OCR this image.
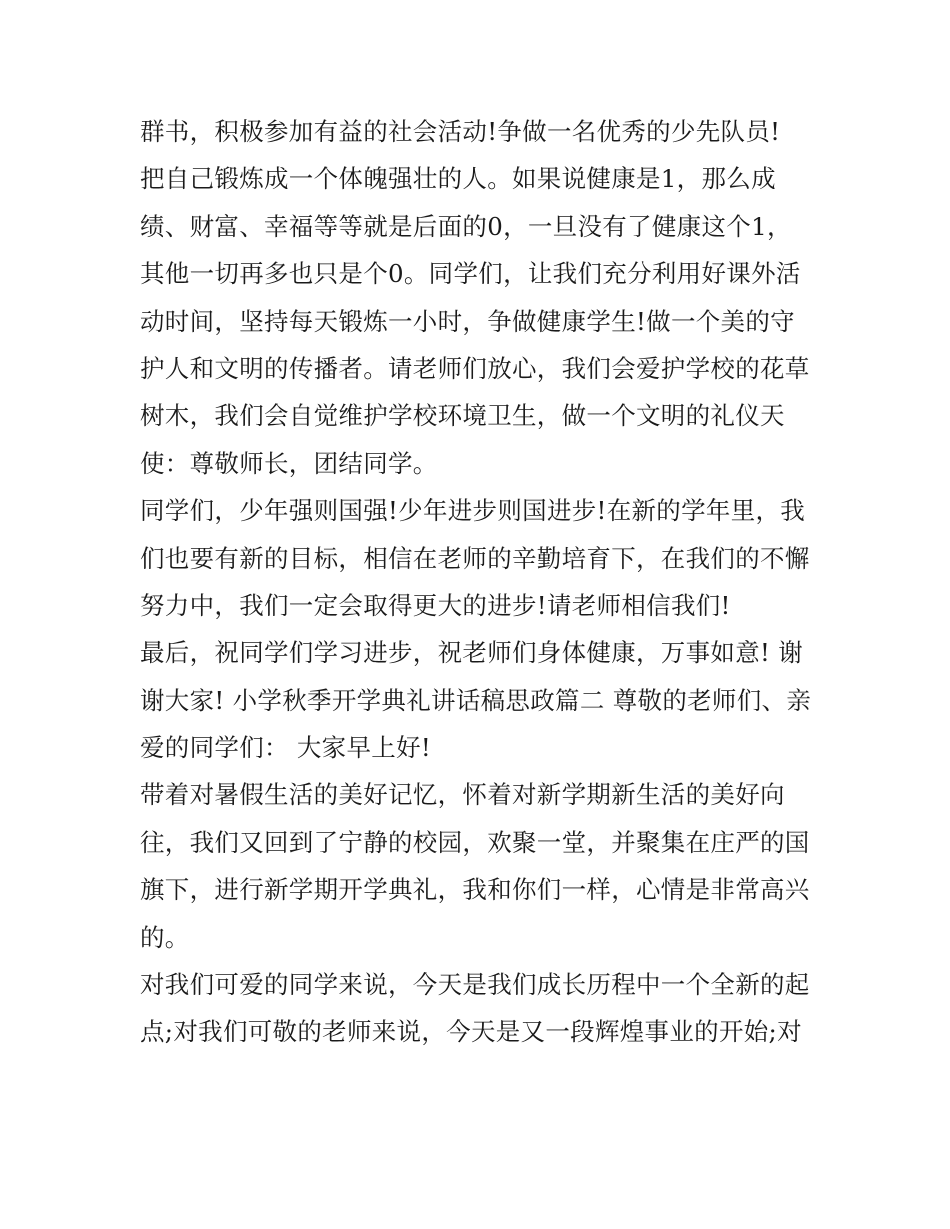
群书，积极参加有益的社会活动!争做一名优秀的少先队员!
把自己锻炼成一个体魄强壮的人。如果说健康是1，那么成
绩、财富、幸福等等就是后面的0，一旦没有了健康这个1，
其他一切再多也只是个0。同学们，让我们充分利用好课外活
动时间，坚持每天锻炼一小时，争做健康学生!做一个美的守
护人和文明的传播者。请老师们放心，我们会爱护学校的花草
树木，我们会自觉维护学校环境卫生，做一个文明的礼仪天
使：尊敬师长，团结同学。
同学们，少年强则国强!少年进步则国进步!在新的学年里，我
们也要有新的目标，相信在老师的辛勤培育下，在我们的不懈
努力中，我们一定会取得更大的进步!请老师相信我们!
最后，祝同学们学习进步，祝老师们身体健康，万事如意! 谢
谢大家! 小学秋季开学典礼讲话稿思政篇二 尊敬的老师们、亲
爱的同学们： 大家早上好!
带着对暑假生活的美好记忆，怀着对新学期新生活的美好向
往，我们又回到了宁静的校园，欢聚一堂，并聚集在庄严的国
旗下，进行新学期开学典礼，我和你们一样，心情是非常高兴
的。
对我们可爱的同学来说，今天是我们成长历程中一个全新的起
点;对我们可敬的老师来说，今天是又一段辉煌事业的开始;对
